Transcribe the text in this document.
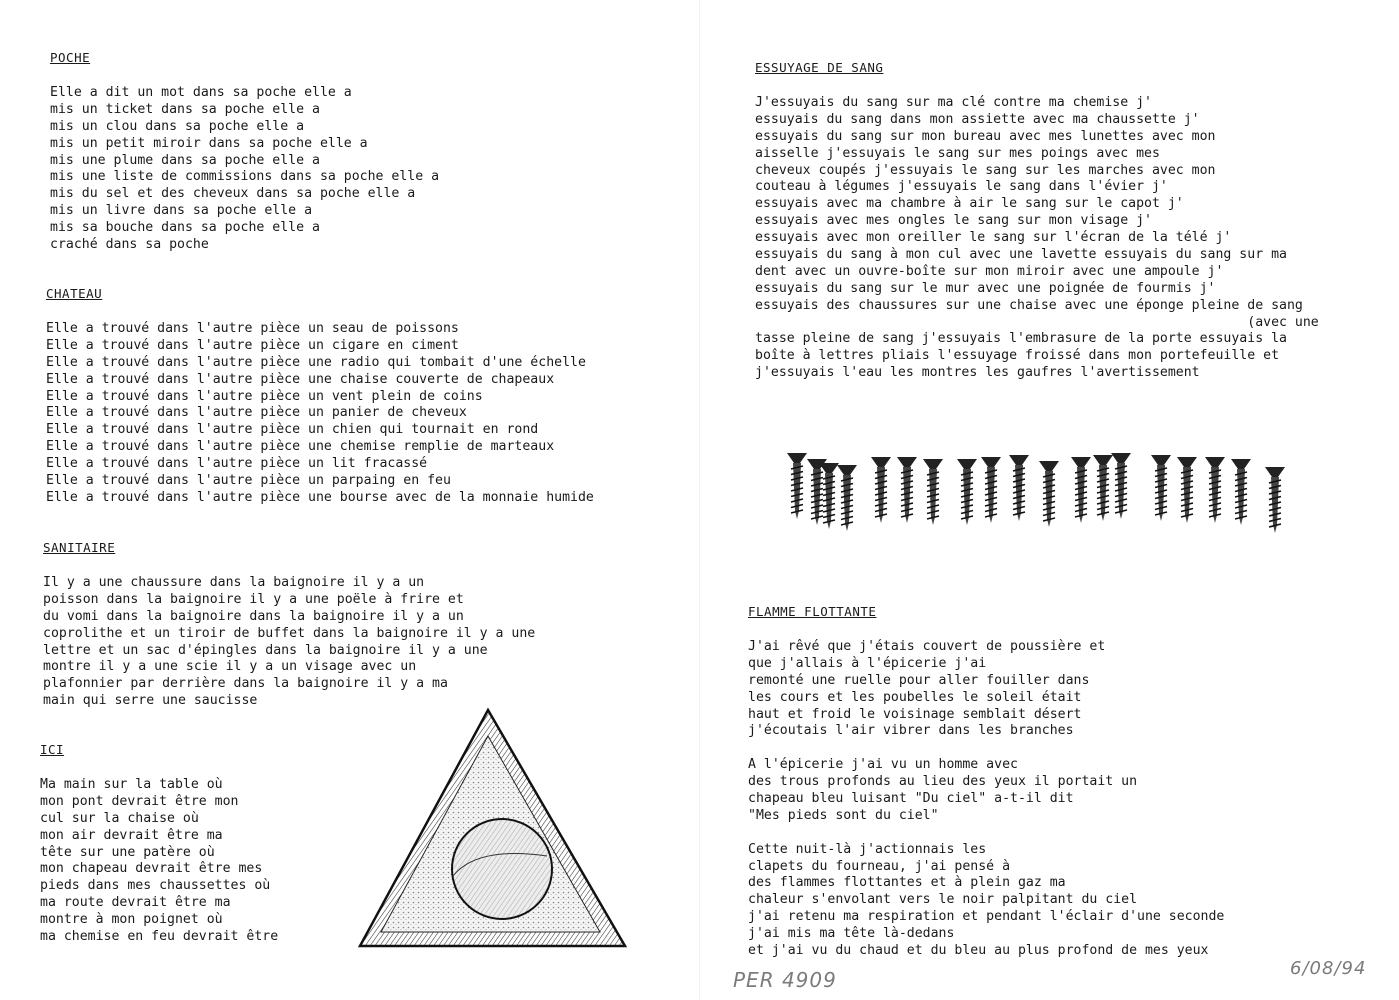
POCHE
Elle a dit un mot dans sa poche elle a
mis un ticket dans sa poche elle a
mis un clou dans sa poche elle a
mis un petit miroir dans sa poche elle a
mis une plume dans sa poche elle a
mis une liste de commissions dans sa poche elle a
mis du sel et des cheveux dans sa poche elle a
mis un livre dans sa poche elle a
mis sa bouche dans sa poche elle a
craché dans sa poche
CHATEAU
Elle a trouvé dans l'autre pièce un seau de poissons
Elle a trouvé dans l'autre pièce un cigare en ciment
Elle a trouvé dans l'autre pièce une radio qui tombait d'une échelle
Elle a trouvé dans l'autre pièce une chaise couverte de chapeaux
Elle a trouvé dans l'autre pièce un vent plein de coins
Elle a trouvé dans l'autre pièce un panier de cheveux
Elle a trouvé dans l'autre pièce un chien qui tournait en rond
Elle a trouvé dans l'autre pièce une chemise remplie de marteaux
Elle a trouvé dans l'autre pièce un lit fracassé
Elle a trouvé dans l'autre pièce un parpaing en feu
Elle a trouvé dans l'autre pièce une bourse avec de la monnaie humide
SANITAIRE
Il y a une chaussure dans la baignoire il y a un
poisson dans la baignoire il y a une poële à frire et
du vomi dans la baignoire dans la baignoire il y a un
coprolithe et un tiroir de buffet dans la baignoire il y a une
lettre et un sac d'épingles dans la baignoire il y a une
montre il y a une scie il y a un visage avec un
plafonnier par derrière dans la baignoire il y a ma
main qui serre une saucisse
ICI
Ma main sur la table où
mon pont devrait être mon
cul sur la chaise où
mon air devrait être ma
tête sur une patère où
mon chapeau devrait être mes
pieds dans mes chaussettes où
ma route devrait être ma
montre à mon poignet où
ma chemise en feu devrait être
ESSUYAGE DE SANG
J'essuyais du sang sur ma clé contre ma chemise j'
essuyais du sang dans mon assiette avec ma chaussette j'
essuyais du sang sur mon bureau avec mes lunettes avec mon
aisselle j'essuyais le sang sur mes poings avec mes
cheveux coupés j'essuyais le sang sur les marches avec mon
couteau à légumes j'essuyais le sang dans l'évier j'
essuyais avec ma chambre à air le sang sur le capot j'
essuyais avec mes ongles le sang sur mon visage j'
essuyais avec mon oreiller le sang sur l'écran de la télé j'
essuyais du sang à mon cul avec une lavette essuyais du sang sur ma
dent avec un ouvre-boîte sur mon miroir avec une ampoule j'
essuyais du sang sur le mur avec une poignée de fourmis j'
essuyais des chaussures sur une chaise avec une éponge pleine de sang
(avec une
tasse pleine de sang j'essuyais l'embrasure de la porte essuyais la
boîte à lettres pliais l'essuyage froissé dans mon portefeuille et
j'essuyais l'eau les montres les gaufres l'avertissement
FLAMME FLOTTANTE
J'ai rêvé que j'étais couvert de poussière et
que j'allais à l'épicerie j'ai
remonté une ruelle pour aller fouiller dans
les cours et les poubelles le soleil était
haut et froid le voisinage semblait désert
j'écoutais l'air vibrer dans les branches
A l'épicerie j'ai vu un homme avec
des trous profonds au lieu des yeux il portait un
chapeau bleu luisant "Du ciel" a-t-il dit
"Mes pieds sont du ciel"
Cette nuit-là j'actionnais les
clapets du fourneau, j'ai pensé à
des flammes flottantes et à plein gaz ma
chaleur s'envolant vers le noir palpitant du ciel
j'ai retenu ma respiration et pendant l'éclair d'une seconde
j'ai mis ma tête là-dedans
et j'ai vu du chaud et du bleu au plus profond de mes yeux
PER 4909	6/08/94
